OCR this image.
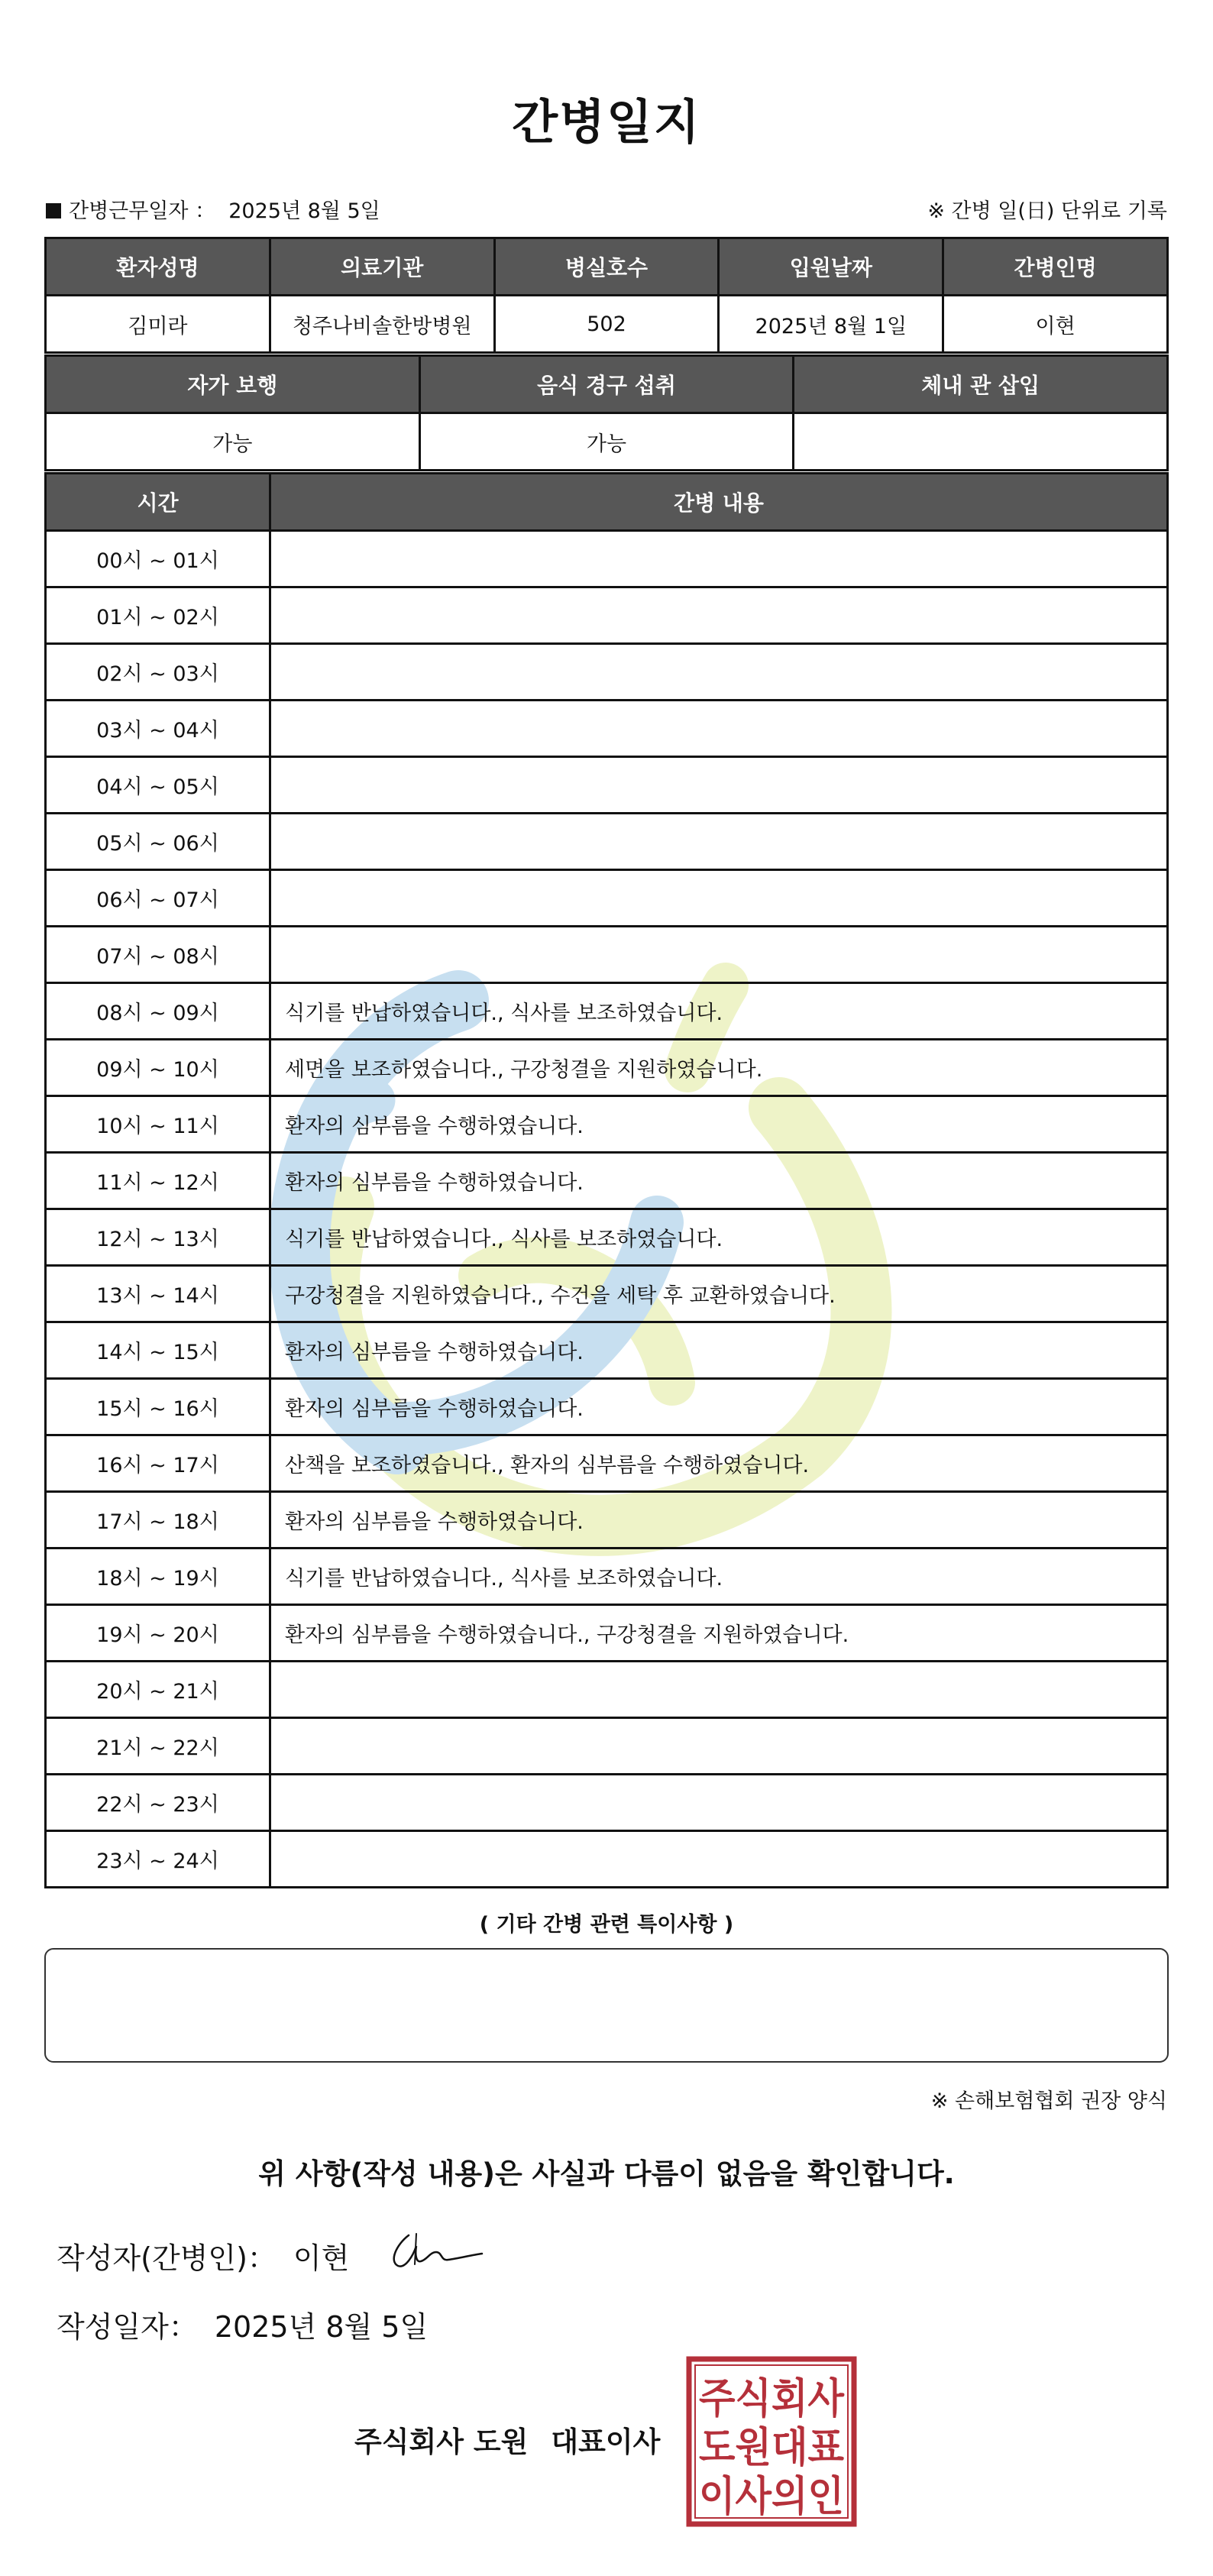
간병일지
간병근무일자 ： 2025년 8월 5일	※ 간병 일(日) 단위로 기록
환자성명	의료기관	병실호수	입원날짜	간병인명
김미라	청주나비솔한방병원	502	2025년 8월 1일	이현
자가 보행	음식 경구 섭취	체내 관 삽입
가능	가능	
시간	간병 내용
00시 ~ 01시	
01시 ~ 02시	
02시 ~ 03시	
03시 ~ 04시	
04시 ~ 05시	
05시 ~ 06시	
06시 ~ 07시	
07시 ~ 08시	
08시 ~ 09시	식기를 반납하였습니다., 식사를 보조하였습니다.
09시 ~ 10시	세면을 보조하였습니다., 구강청결을 지원하였습니다.
10시 ~ 11시	환자의 심부름을 수행하였습니다.
11시 ~ 12시	환자의 심부름을 수행하였습니다.
12시 ~ 13시	식기를 반납하였습니다., 식사를 보조하였습니다.
13시 ~ 14시	구강청결을 지원하였습니다., 수건을 세탁 후 교환하였습니다.
14시 ~ 15시	환자의 심부름을 수행하였습니다.
15시 ~ 16시	환자의 심부름을 수행하였습니다.
16시 ~ 17시	산책을 보조하였습니다., 환자의 심부름을 수행하였습니다.
17시 ~ 18시	환자의 심부름을 수행하였습니다.
18시 ~ 19시	식기를 반납하였습니다., 식사를 보조하였습니다.
19시 ~ 20시	환자의 심부름을 수행하였습니다., 구강청결을 지원하였습니다.
20시 ~ 21시	
21시 ~ 22시	
22시 ~ 23시	
23시 ~ 24시	
( 기타 간병 관련 특이사항 )
※ 손해보험협회 권장 양식
위 사항(작성 내용)은 사실과 다름이 없음을 확인합니다.
작성자(간병인)： 이현
작성일자： 2025년 8월 5일
주식회사 도원 대표이사
주식회사
도원대표
이사의인
